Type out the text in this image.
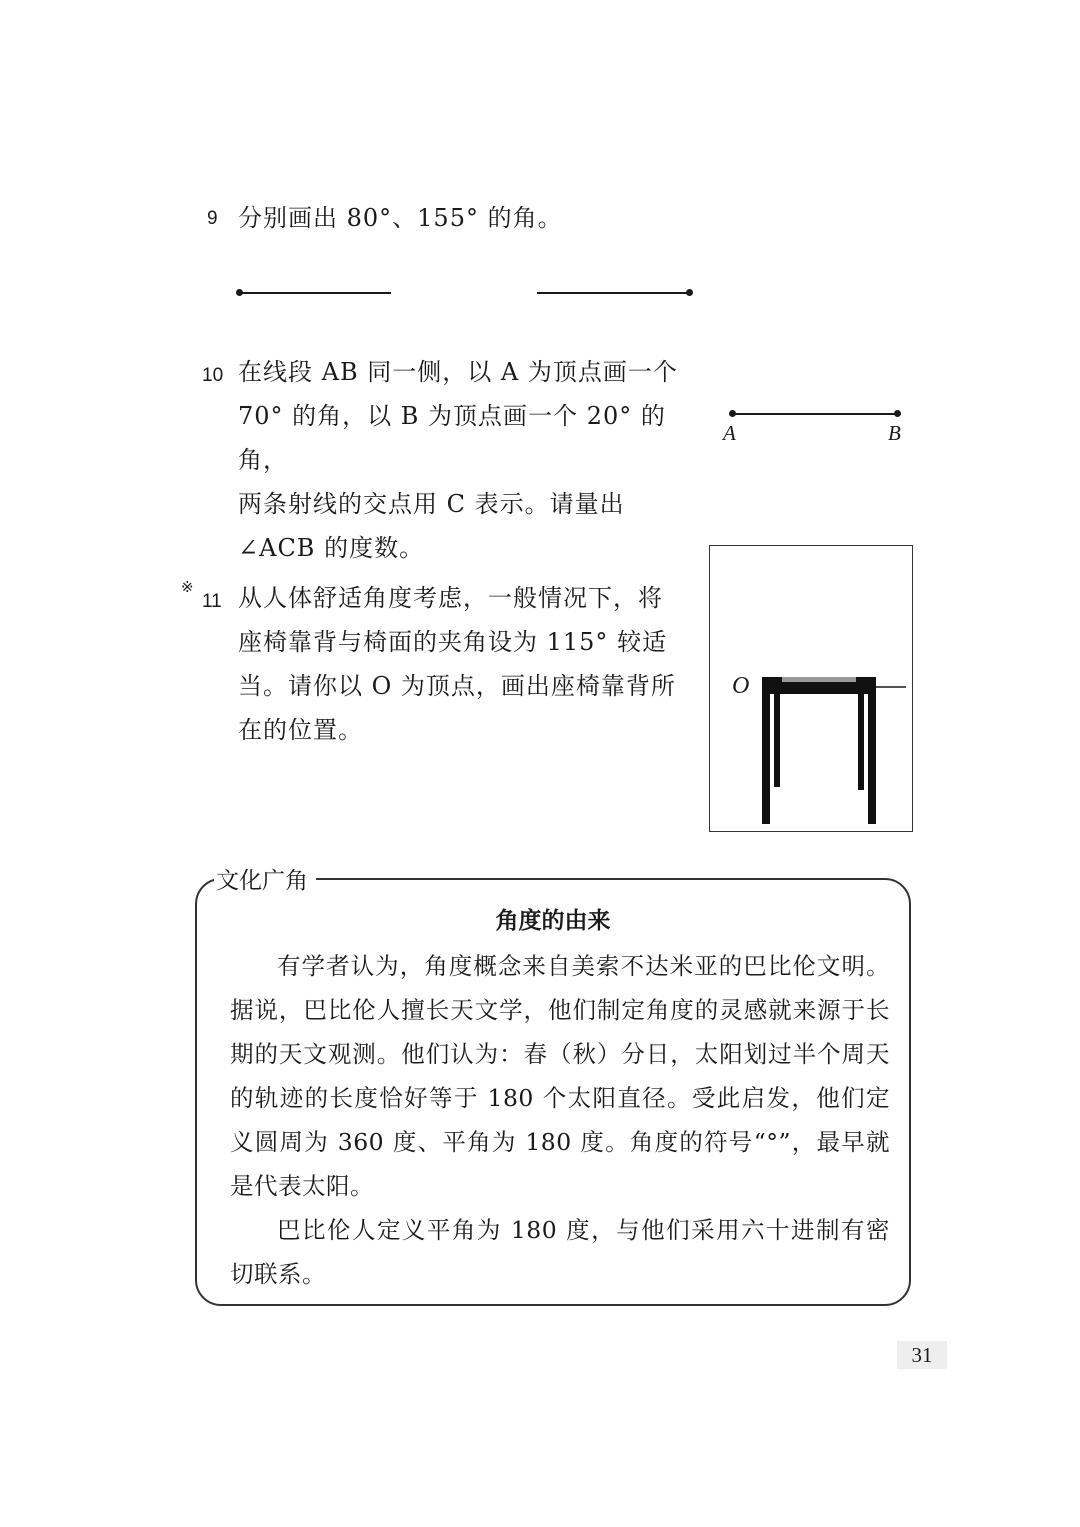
9 分别画出 80°、155° 的角。
10 在线段 AB 同一侧，以 A 为顶点画一个
70° 的角，以 B 为顶点画一个 20° 的角，
两条射线的交点用 C 表示。请量出
∠ACB 的度数。
A	B
※
11 从人体舒适角度考虑，一般情况下，将
座椅靠背与椅面的夹角设为 115° 较适
当。请你以 O 为顶点，画出座椅靠背所
在的位置。
O
文化广角
角度的由来

有学者认为，角度概念来自美索不达米亚的巴比伦文明。据说，巴比伦人擅长天文学，他们制定角度的灵感就来源于长期的天文观测。他们认为：春（秋）分日，太阳划过半个周天的轨迹的长度恰好等于 180 个太阳直径。受此启发，他们定义圆周为 360 度、平角为 180 度。角度的符号“°”，最早就是代表太阳。

巴比伦人定义平角为 180 度，与他们采用六十进制有密切联系。

31
